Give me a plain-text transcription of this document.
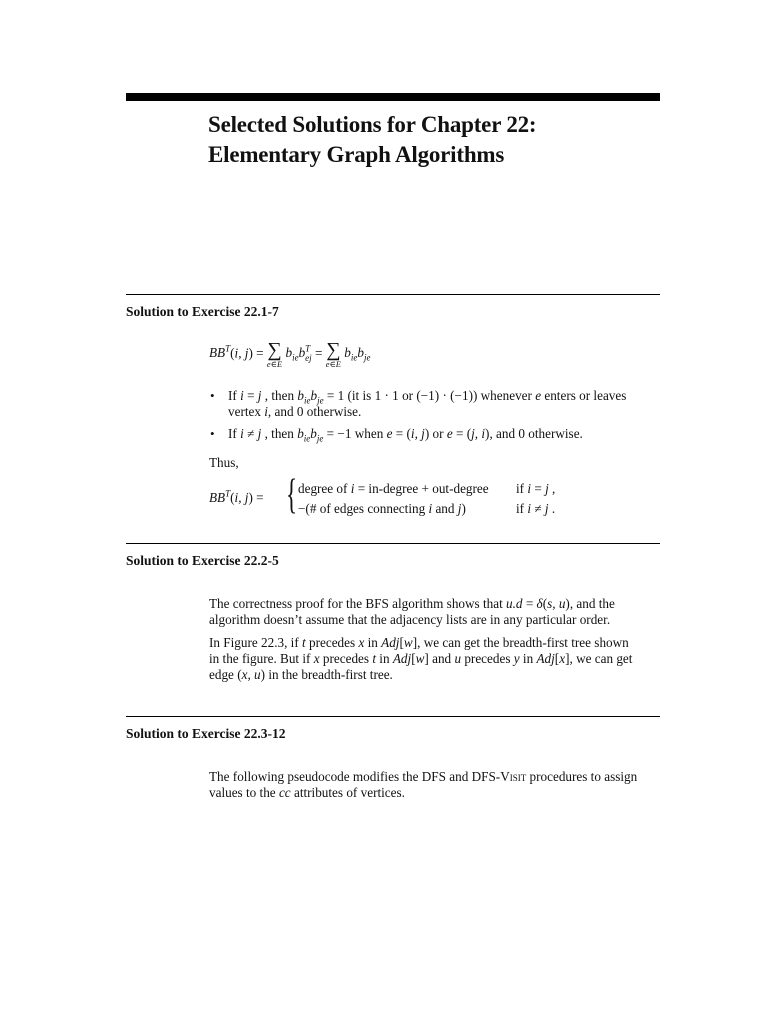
Selected Solutions for Chapter 22:
Elementary Graph Algorithms
Solution to Exercise 22.1-7
$BB^T(i$, j) = ∑
e∈E
$b_{ie}b^T_{ej}$ = ∑
e∈E
$b_{ie}b_{je}$
• If i = j , then $b_{ie}b_{je} = 1$ (it is 1 · 1 or (−1) · (−1)) whenever e enters or leaves

vertex i, and 0 otherwise.

• If i ≠ j , then $b_{ie}b_{je} = -1$ when e = (i, j) or e = (j, i), and 0 otherwise.
Thus,
$BB^T(i$, j) = { degree of i = in-degree + out-degree if i = j ,
−(# of edges connecting i and j)	if i ≠ j .
Solution to Exercise 22.2-5

The correctness proof for the BFS algorithm shows that u.d = δ(s, u), and the

algorithm doesn’t assume that the adjacency lists are in any particular order.

In Figure 22.3, if t precedes x in Adj[w], we can get the breadth-first tree shown

in the figure. But if x precedes t in Adj[w] and u precedes y in Adj[x], we can get

edge (x, u) in the breadth-first tree.

Solution to Exercise 22.3-12

The following pseudocode modifies the DFS and DFS-Visit procedures to assign

values to the cc attributes of vertices.
